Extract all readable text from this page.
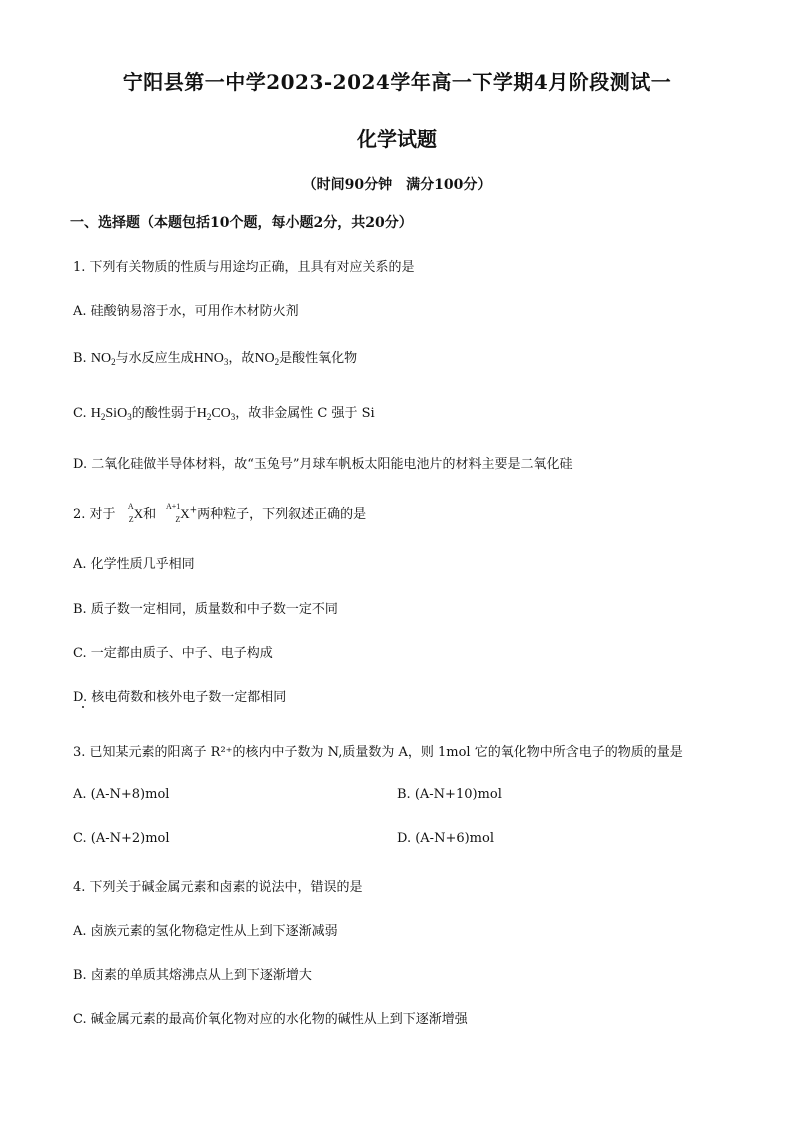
宁阳县第一中学2023-2024学年高一下学期4月阶段测试一
化学试题
（时间90分钟　满分100分）
一、选择题（本题包括10个题，每小题2分，共20分）
1. 下列有关物质的性质与用途均正确，且具有对应关系的是
A. 硅酸钠易溶于水，可用作木材防火剂
B. $NO_2$与水反应生成$HNO_3$，故$NO_2$是酸性氧化物
C. $H_2SiO_3$的酸性弱于$H_2CO_3$，故非金属性 C 强于 Si
D. 二氧化硅做半导体材料，故“玉兔号”月球车帆板太阳能电池片的材料主要是二氧化硅
2. 对于
A
Z X和
A+1
Z X+两种粒子，下列叙述正确的是
A. 化学性质几乎相同
B. 质子数一定相同，质量数和中子数一定不同
C. 一定都由质子、中子、电子构成
D. 核电荷数和核外电子数一定都相同
3. 已知某元素的阳离子 R²⁺的核内中子数为 N,质量数为 A，则 1mol 它的氧化物中所含电子的物质的量是
A. (A-N+8)mol	B. (A-N+10)mol
C. (A-N+2)mol	D. (A-N+6)mol
4. 下列关于碱金属元素和卤素的说法中，错误的是
A. 卤族元素的氢化物稳定性从上到下逐渐减弱
B. 卤素的单质其熔沸点从上到下逐渐增大
C. 碱金属元素的最高价氧化物对应的水化物的碱性从上到下逐渐增强
